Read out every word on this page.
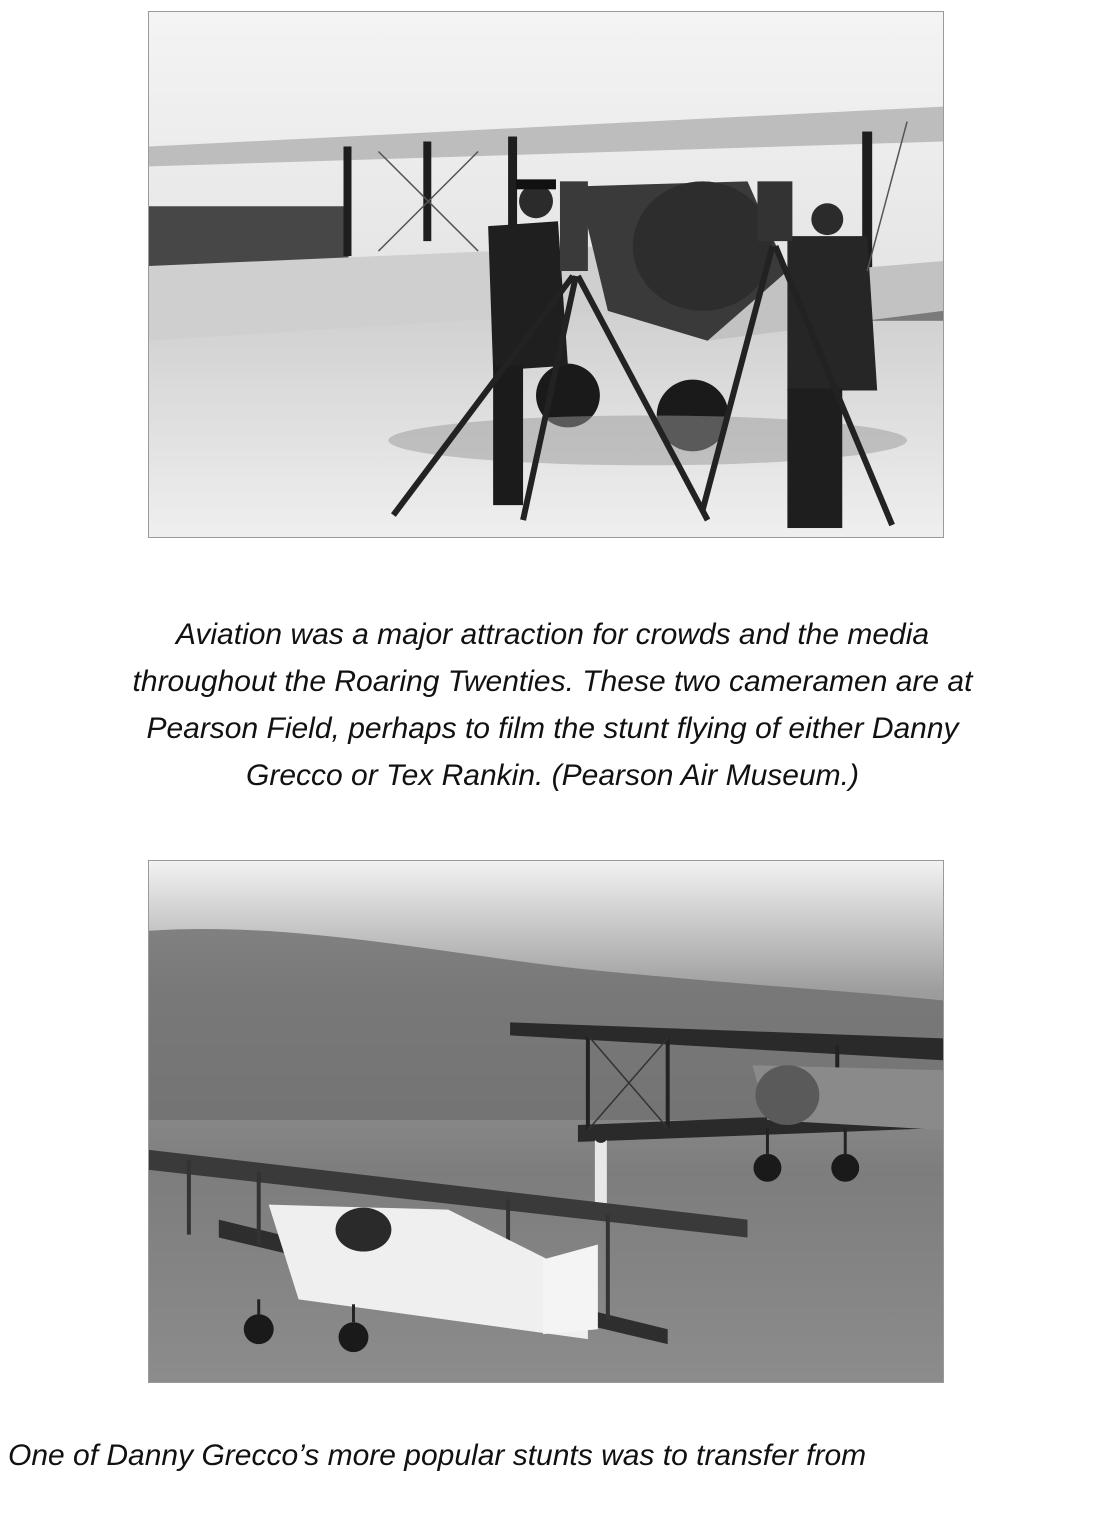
Aviation was a major attraction for crowds and the media
throughout the Roaring Twenties. These two cameramen are at
Pearson Field, perhaps to film the stunt flying of either Danny
Grecco or Tex Rankin. (Pearson Air Museum.)

One of Danny Grecco’s more popular stunts was to transfer from
